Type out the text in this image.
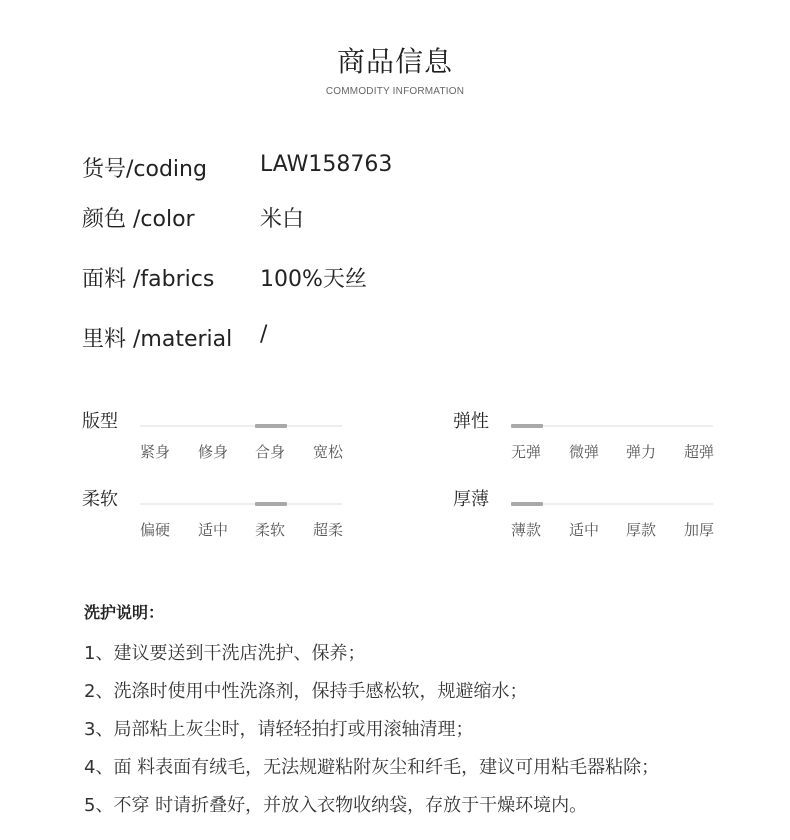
商品信息
COMMODITY INFORMATION
货号/coding LAW158763
颜色 /color	米白
面料 /fabrics 100%天丝
里料 /material /
版型
紧身 修身 合身 宽松
弹性
无弹 微弹 弹力 超弹
柔软
偏硬 适中 柔软 超柔
厚薄
薄款 适中 厚款 加厚
洗护说明：
1、建议要送到干洗店洗护、保养；
2、洗涤时使用中性洗涤剂，保持手感松软，规避缩水；
3、局部粘上灰尘时，请轻轻拍打或用滚轴清理；
4、面 料表面有绒毛，无法规避粘附灰尘和纤毛，建议可用粘毛器粘除；
5、不穿 时请折叠好，并放入衣物收纳袋，存放于干燥环境内。
